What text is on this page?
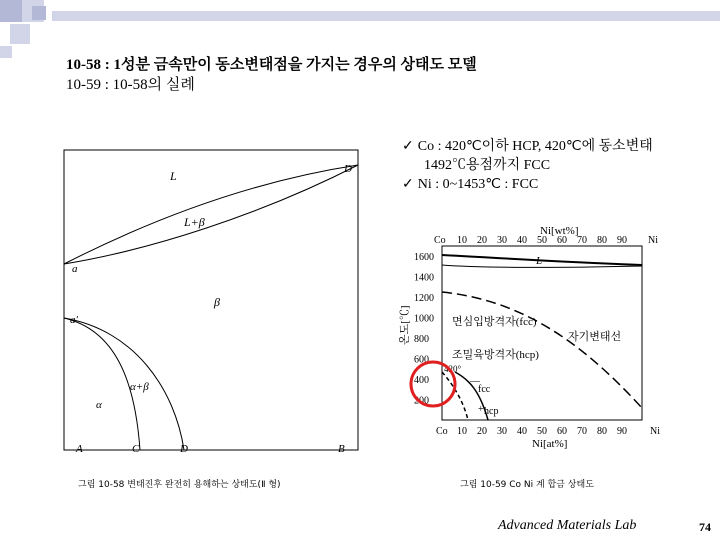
10-58 : 1성분 금속만이 동소변태점을 가지는 경우의 상태도 모델
10-59 : 10-58의 실례
✓ Co : 420℃이하 HCP, 420℃에 동소변태
1492℃용점까지 FCC
✓ Ni : 0~1453℃ : FCC
L
L+β
β
α+β
α
a
a′
D
A	C	D	B
그림 10-58 변태진후 완전히 용해하는 상태도(Ⅱ 형)
Ni[wt%]
Co	Ni
10 20 30 40 50 60 70 80 90
10 20 30 40 50 60 70 80 90
1600
1400
1200
1000
800
600
400
200
온도[℃]
L
면심입방격자(fcc)
자기변태선
조밀육방격자(hcp)
420°
fcc
hcp
—
+
Co	Ni
Ni[at%]
그림 10-59 Co Ni 계 합금 상태도
Advanced Materials Lab	74
